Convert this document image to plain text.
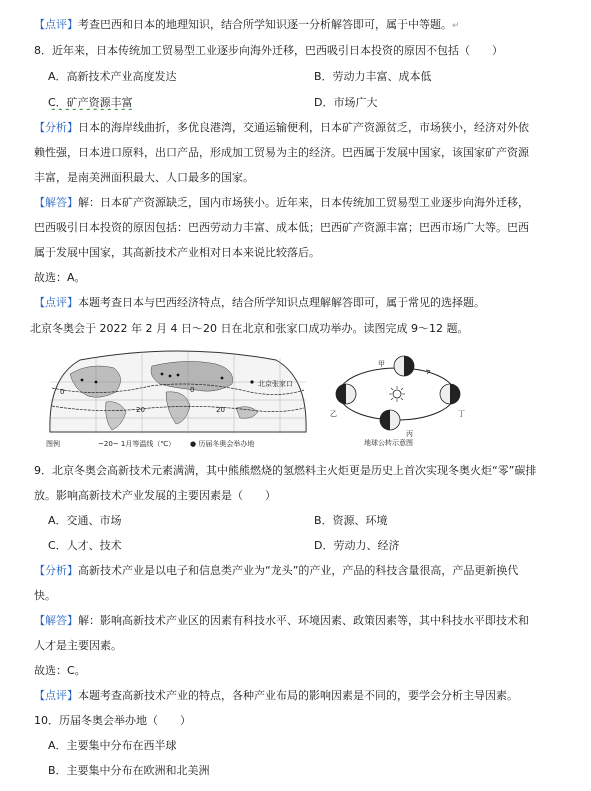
【点评】考查巴西和日本的地理知识，结合所学知识逐一分析解答即可，属于中等题。↵
8．近年来，日本传统加工贸易型工业逐步向海外迁移，巴西吸引日本投资的原因不包括（　　）
A．高新技术产业高度发达	B．劳动力丰富、成本低
C．矿产资源丰富	D．市场广大
【分析】日本的海岸线曲折，多优良港湾，交通运输便利，日本矿产资源贫乏，市场狭小，经济对外依
赖性强，日本进口原料，出口产品，形成加工贸易为主的经济。巴西属于发展中国家，该国家矿产资源
丰富，是南美洲面积最大、人口最多的国家。
【解答】解：日本矿产资源缺乏，国内市场狭小。近年来，日本传统加工贸易型工业逐步向海外迁移，
巴西吸引日本投资的原因包括：巴西劳动力丰富、成本低；巴西矿产资源丰富；巴西市场广大等。巴西
属于发展中国家，其高新技术产业相对日本来说比较落后。
故选：A。
【点评】本题考查日本与巴西经济特点，结合所学知识点理解解答即可，属于常见的选择题。
北京冬奥会于 2022 年 2 月 4 日～20 日在北京和张家口成功举办。读图完成 9～12 题。
0
20	20
0
北京张家口
图例	~20~ 1月等温线（℃） ● 历届冬奥会举办地
甲
乙
丙
丁
地球公转示意图
9．北京冬奥会高新技术元素满满，其中熊熊燃烧的氢燃料主火炬更是历史上首次实现冬奥火炬“零”碳排
放。影响高新技术产业发展的主要因素是（　　）
A．交通、市场	B．资源、环境
C．人才、技术	D．劳动力、经济
【分析】高新技术产业是以电子和信息类产业为“龙头”的产业，产品的科技含量很高，产品更新换代
快。
【解答】解：影响高新技术产业区的因素有科技水平、环境因素、政策因素等，其中科技水平即技术和
人才是主要因素。
故选：C。
【点评】本题考查高新技术产业的特点，各种产业布局的影响因素是不同的，要学会分析主导因素。
10．历届冬奥会举办地（　　）
A．主要集中分布在西半球
B．主要集中分布在欧洲和北美洲
